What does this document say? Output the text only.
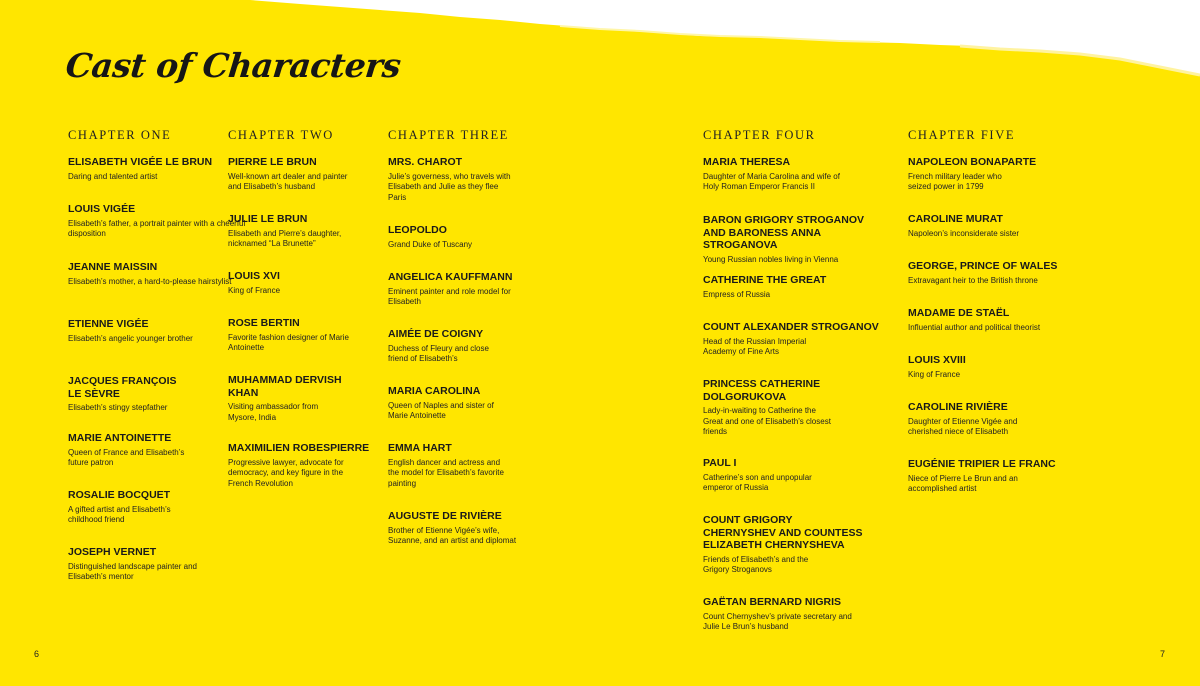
Cast of Characters
CHAPTER ONE
ELISABETH VIGÉE LE BRUN
Daring and talented artist
LOUIS VIGÉE
Elisabeth’s father, a portrait painter with a cheerful disposition
JEANNE MAISSIN
Elisabeth’s mother, a hard-to-please hairstylist
ETIENNE VIGÉE
Elisabeth’s angelic younger brother
JACQUES FRANÇOIS LE SÈVRE
Elisabeth’s stingy stepfather
MARIE ANTOINETTE
Queen of France and Elisabeth’s future patron
ROSALIE BOCQUET
A gifted artist and Elisabeth’s childhood friend
JOSEPH VERNET
Distinguished landscape painter and Elisabeth’s mentor
CHAPTER TWO
PIERRE LE BRUN
Well-known art dealer and painter and Elisabeth’s husband
JULIE LE BRUN
Elisabeth and Pierre’s daughter, nicknamed “La Brunette”
LOUIS XVI
King of France
ROSE BERTIN
Favorite fashion designer of Marie Antoinette
MUHAMMAD DERVISH KHAN
Visiting ambassador from Mysore, India
MAXIMILIEN ROBESPIERRE
Progressive lawyer, advocate for democracy, and key figure in the French Revolution
CHAPTER THREE
MRS. CHAROT
Julie’s governess, who travels with Elisabeth and Julie as they flee Paris
LEOPOLDO
Grand Duke of Tuscany
ANGELICA KAUFFMANN
Eminent painter and role model for Elisabeth
AIMÉE DE COIGNY
Duchess of Fleury and close friend of Elisabeth’s
MARIA CAROLINA
Queen of Naples and sister of Marie Antoinette
EMMA HART
English dancer and actress and the model for Elisabeth’s favorite painting
AUGUSTE DE RIVIÈRE
Brother of Etienne Vigée’s wife, Suzanne, and an artist and diplomat
CHAPTER FOUR
MARIA THERESA
Daughter of Maria Carolina and wife of Holy Roman Emperor Francis II
BARON GRIGORY STROGANOV AND BARONESS ANNA STROGANOVA
Young Russian nobles living in Vienna
CATHERINE THE GREAT
Empress of Russia
COUNT ALEXANDER STROGANOV
Head of the Russian Imperial Academy of Fine Arts
PRINCESS CATHERINE DOLGORUKOVA
Lady-in-waiting to Catherine the Great and one of Elisabeth’s closest friends
PAUL I
Catherine’s son and unpopular emperor of Russia
COUNT GRIGORY CHERNYSHEV AND COUNTESS ELIZABETH CHERNYSHEVA
Friends of Elisabeth’s and the Grigory Stroganovs
GAËTAN BERNARD NIGRIS
Count Chernyshev’s private secretary and Julie Le Brun’s husband
CHAPTER FIVE
NAPOLEON BONAPARTE
French military leader who seized power in 1799
CAROLINE MURAT
Napoleon’s inconsiderate sister
GEORGE, PRINCE OF WALES
Extravagant heir to the British throne
MADAME DE STAËL
Influential author and political theorist
LOUIS XVIII
King of France
CAROLINE RIVIÈRE
Daughter of Etienne Vigée and cherished niece of Elisabeth
EUGÉNIE TRIPIER LE FRANC
Niece of Pierre Le Brun and an accomplished artist
6	7
